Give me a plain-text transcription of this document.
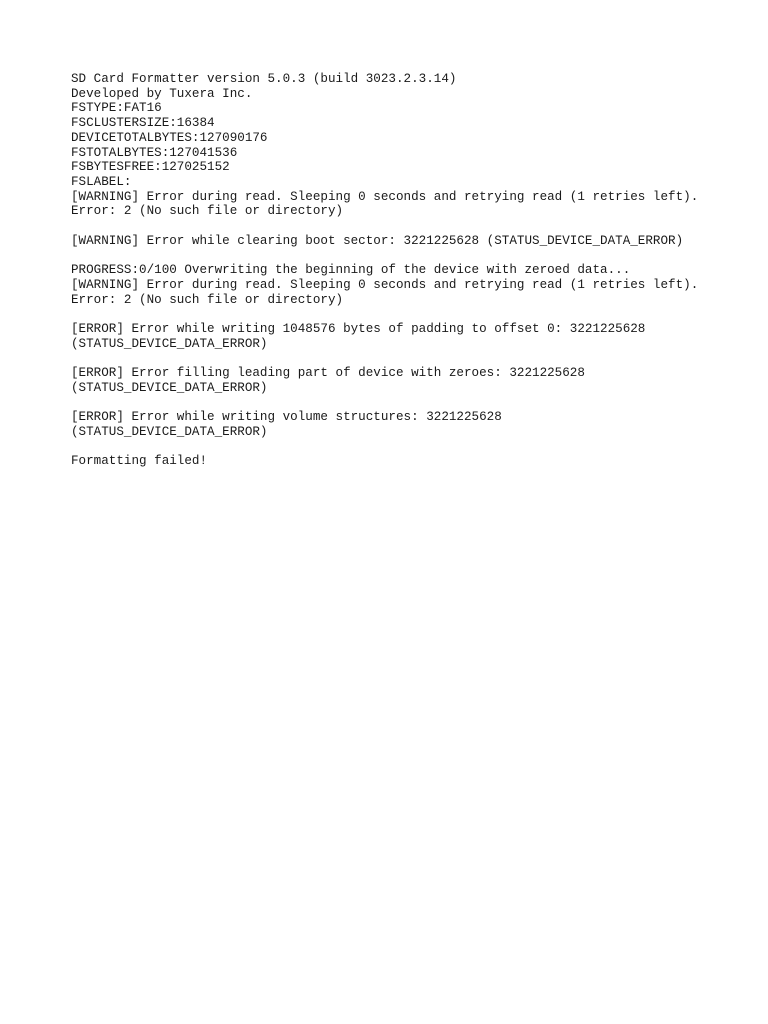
SD Card Formatter version 5.0.3 (build 3023.2.3.14)
Developed by Tuxera Inc.
FSTYPE:FAT16
FSCLUSTERSIZE:16384
DEVICETOTALBYTES:127090176
FSTOTALBYTES:127041536
FSBYTESFREE:127025152
FSLABEL:
[WARNING] Error during read. Sleeping 0 seconds and retrying read (1 retries left).
Error: 2 (No such file or directory)
[WARNING] Error while clearing boot sector: 3221225628 (STATUS_DEVICE_DATA_ERROR)
PROGRESS:0/100 Overwriting the beginning of the device with zeroed data...
[WARNING] Error during read. Sleeping 0 seconds and retrying read (1 retries left).
Error: 2 (No such file or directory)
[ERROR] Error while writing 1048576 bytes of padding to offset 0: 3221225628
(STATUS_DEVICE_DATA_ERROR)
[ERROR] Error filling leading part of device with zeroes: 3221225628
(STATUS_DEVICE_DATA_ERROR)
[ERROR] Error while writing volume structures: 3221225628
(STATUS_DEVICE_DATA_ERROR)
Formatting failed!
